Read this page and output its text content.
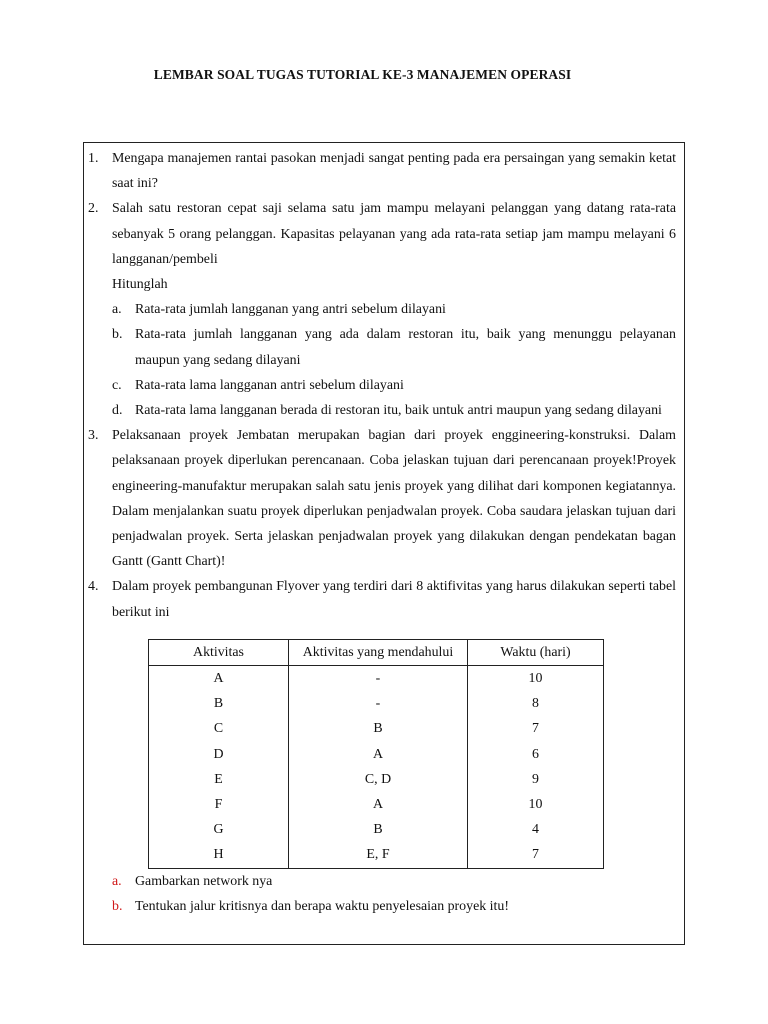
LEMBAR SOAL TUGAS TUTORIAL KE-3 MANAJEMEN OPERASI
1. Mengapa manajemen rantai pasokan menjadi sangat penting pada era persaingan yang semakin ketat saat ini?
2. Salah satu restoran cepat saji selama satu jam mampu melayani pelanggan yang datang rata-rata sebanyak 5 orang pelanggan. Kapasitas pelayanan yang ada rata-rata setiap jam mampu melayani 6 langganan/pembeli
Hitunglah
a. Rata-rata jumlah langganan yang antri sebelum dilayani
b. Rata-rata jumlah langganan yang ada dalam restoran itu, baik yang menunggu pelayanan maupun yang sedang dilayani
c. Rata-rata lama langganan antri sebelum dilayani
d. Rata-rata lama langganan berada di restoran itu, baik untuk antri maupun yang sedang dilayani
3. Pelaksanaan proyek Jembatan merupakan bagian dari proyek enggineering-konstruksi. Dalam pelaksanaan proyek diperlukan perencanaan. Coba jelaskan tujuan dari perencanaan proyek!Proyek engineering-manufaktur merupakan salah satu jenis proyek yang dilihat dari komponen kegiatannya. Dalam menjalankan suatu proyek diperlukan penjadwalan proyek. Coba saudara jelaskan tujuan dari penjadwalan proyek. Serta jelaskan penjadwalan proyek yang dilakukan dengan pendekatan bagan Gantt (Gantt Chart)!
4. Dalam proyek pembangunan Flyover yang terdiri dari 8 aktifivitas yang harus dilakukan seperti tabel berikut ini
Aktivitas	Aktivitas yang mendahului	Waktu (hari)
A	-	10
B	-	8
C	B	7
D	A	6
E	C, D	9
F	A	10
G	B	4
H	E, F	7
a. Gambarkan network nya
b. Tentukan jalur kritisnya dan berapa waktu penyelesaian proyek itu!
